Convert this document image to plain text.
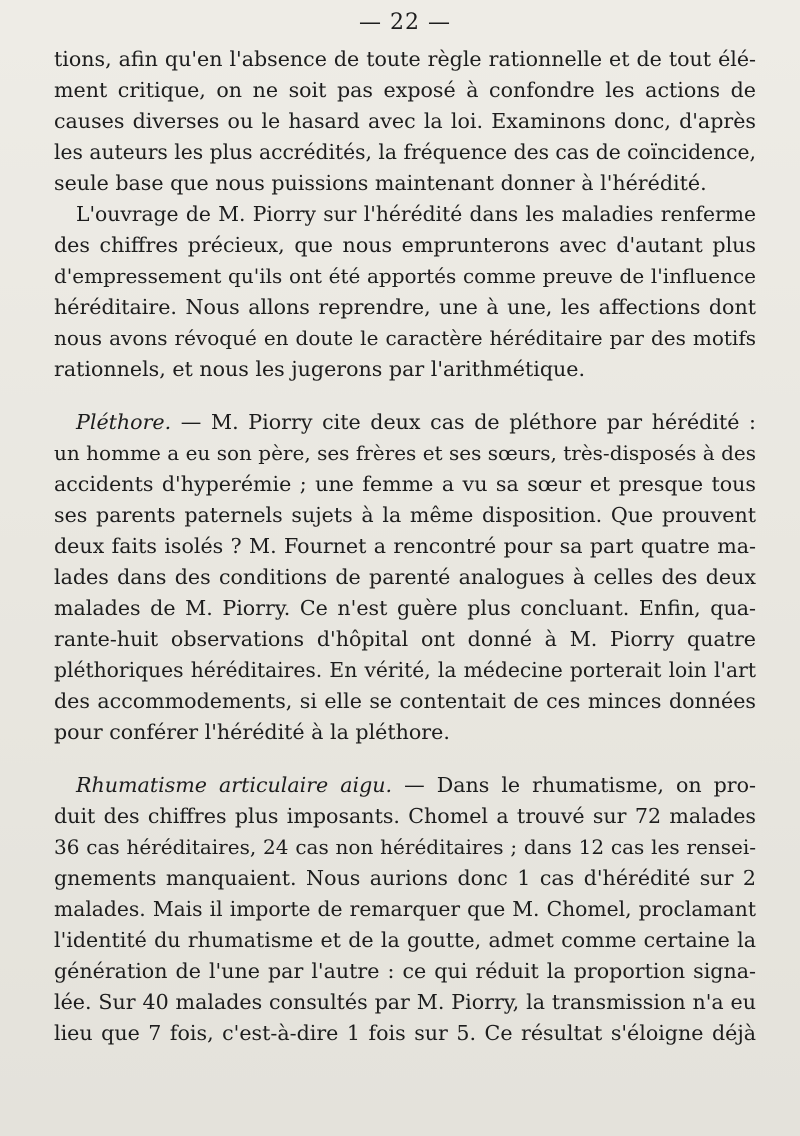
— 22 —
tions, afin qu'en l'absence de toute règle rationnelle et de tout élé-
ment critique, on ne soit pas exposé à confondre les actions de
causes diverses ou le hasard avec la loi. Examinons donc, d'après
les auteurs les plus accrédités, la fréquence des cas de coïncidence,
seule base que nous puissions maintenant donner à l'hérédité.
L'ouvrage de M. Piorry sur l'hérédité dans les maladies renferme
des chiffres précieux, que nous emprunterons avec d'autant plus
d'empressement qu'ils ont été apportés comme preuve de l'influence
héréditaire. Nous allons reprendre, une à une, les affections dont
nous avons révoqué en doute le caractère héréditaire par des motifs
rationnels, et nous les jugerons par l'arithmétique.
Pléthore. — M. Piorry cite deux cas de pléthore par hérédité :
un homme a eu son père, ses frères et ses sœurs, très-disposés à des
accidents d'hyperémie ; une femme a vu sa sœur et presque tous
ses parents paternels sujets à la même disposition. Que prouvent
deux faits isolés ? M. Fournet a rencontré pour sa part quatre ma-
lades dans des conditions de parenté analogues à celles des deux
malades de M. Piorry. Ce n'est guère plus concluant. Enfin, qua-
rante-huit observations d'hôpital ont donné à M. Piorry quatre
pléthoriques héréditaires. En vérité, la médecine porterait loin l'art
des accommodements, si elle se contentait de ces minces données
pour conférer l'hérédité à la pléthore.
Rhumatisme articulaire aigu. — Dans le rhumatisme, on pro-
duit des chiffres plus imposants. Chomel a trouvé sur 72 malades
36 cas héréditaires, 24 cas non héréditaires ; dans 12 cas les rensei-
gnements manquaient. Nous aurions donc 1 cas d'hérédité sur 2
malades. Mais il importe de remarquer que M. Chomel, proclamant
l'identité du rhumatisme et de la goutte, admet comme certaine la
génération de l'une par l'autre : ce qui réduit la proportion signa-
lée. Sur 40 malades consultés par M. Piorry, la transmission n'a eu
lieu que 7 fois, c'est-à-dire 1 fois sur 5. Ce résultat s'éloigne déjà
